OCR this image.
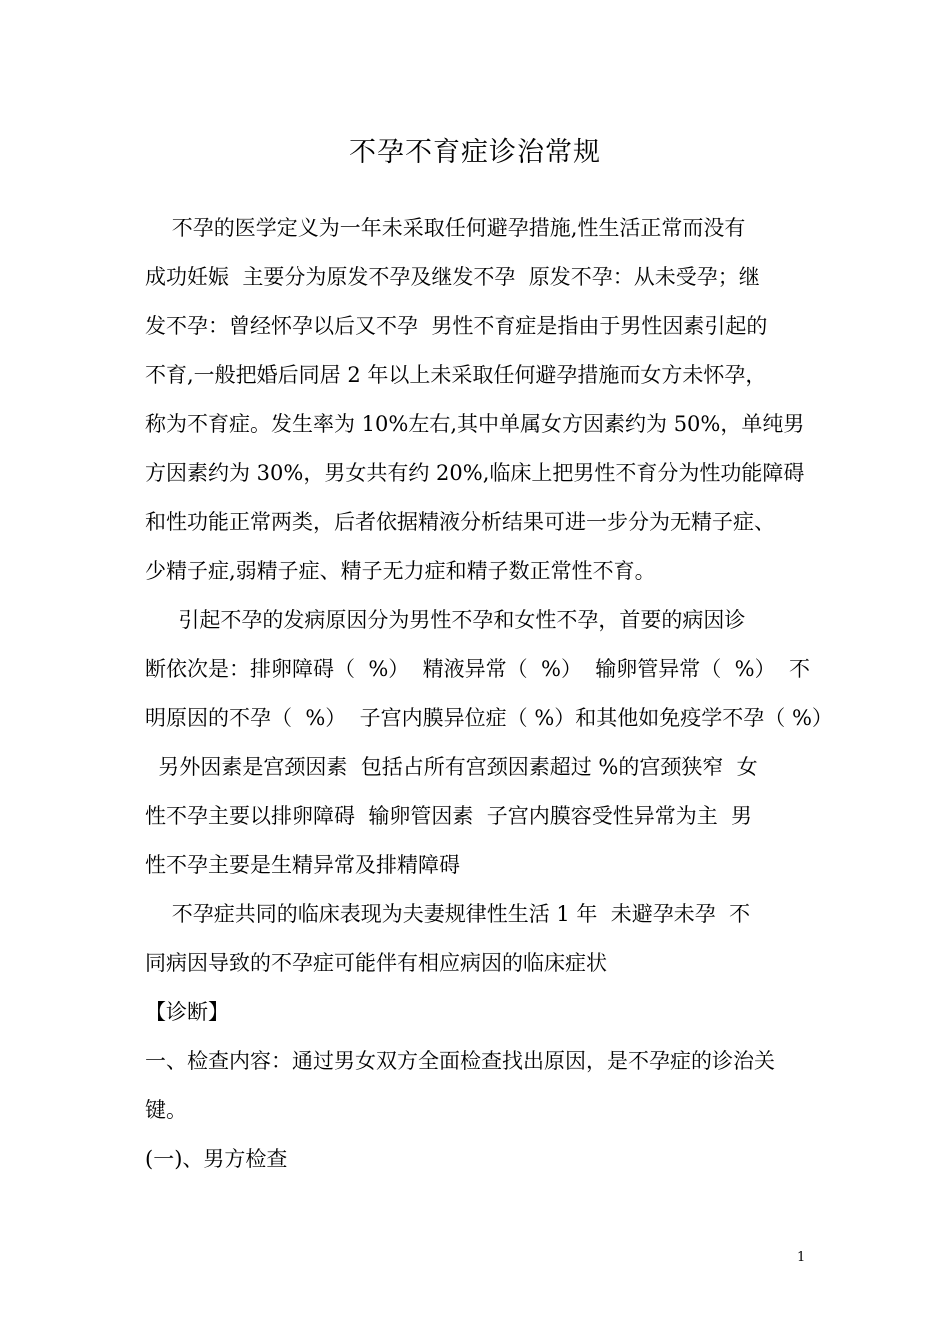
不孕不育症诊治常规
不孕的医学定义为一年未采取任何避孕措施,性生活正常而没有
成功妊娠  主要分为原发不孕及继发不孕  原发不孕：从未受孕；继
发不孕：曾经怀孕以后又不孕  男性不育症是指由于男性因素引起的
不育,一般把婚后同居 2 年以上未采取任何避孕措施而女方未怀孕，
称为不育症。发生率为 10%左右,其中单属女方因素约为 50%，单纯男
方因素约为 30%，男女共有约 20%,临床上把男性不育分为性功能障碍
和性功能正常两类，后者依据精液分析结果可进一步分为无精子症、
少精子症,弱精子症、精子无力症和精子数正常性不育。
引起不孕的发病原因分为男性不孕和女性不孕，首要的病因诊
断依次是：排卵障碍（  %）  精液异常（  %）  输卵管异常（  %）  不
明原因的不孕（  %）  子宫内膜异位症（ %）和其他如免疫学不孕（ %）
另外因素是宫颈因素  包括占所有宫颈因素超过 %的宫颈狭窄  女
性不孕主要以排卵障碍  输卵管因素  子宫内膜容受性异常为主  男
性不孕主要是生精异常及排精障碍
不孕症共同的临床表现为夫妻规律性生活 1 年  未避孕未孕  不
同病因导致的不孕症可能伴有相应病因的临床症状
【诊断】
一、检查内容：通过男女双方全面检查找出原因，是不孕症的诊治关
键。
(一)、男方检查
1
